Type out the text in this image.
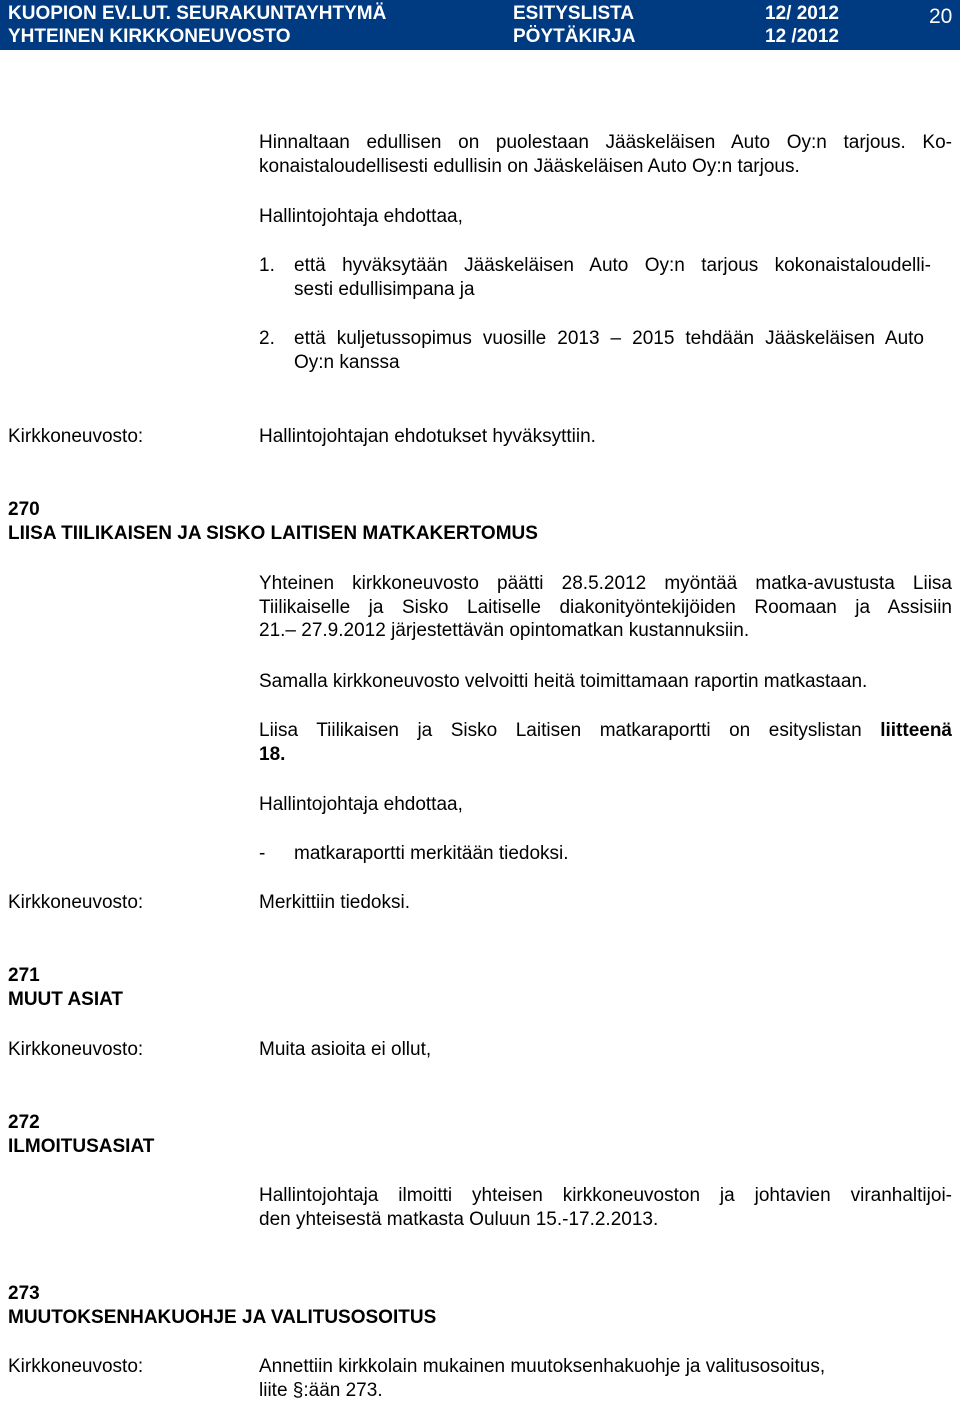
KUOPION EV.LUT. SEURAKUNTAYHTYMÄ
YHTEINEN KIRKKONEUVOSTO
ESITYSLISTA
PÖYTÄKIRJA
12/ 2012
12 /2012
20
Hinnaltaan edullisen on puolestaan Jääskeläisen Auto Oy:n tarjous. Ko-
konaistaloudellisesti edullisin on Jääskeläisen Auto Oy:n tarjous.
Hallintojohtaja ehdottaa,
1. että hyväksytään Jääskeläisen Auto Oy:n tarjous kokonaistaloudelli-
sesti edullisimpana ja
2. että kuljetussopimus vuosille 2013 – 2015 tehdään Jääskeläisen Auto
Oy:n kanssa
Kirkkoneuvosto:	Hallintojohtajan ehdotukset hyväksyttiin.
270
LIISA TIILIKAISEN JA SISKO LAITISEN MATKAKERTOMUS
Yhteinen kirkkoneuvosto päätti 28.5.2012 myöntää matka-avustusta Liisa
Tiilikaiselle ja Sisko Laitiselle diakonityöntekijöiden Roomaan ja Assisiin
21.– 27.9.2012 järjestettävän opintomatkan kustannuksiin.
Samalla kirkkoneuvosto velvoitti heitä toimittamaan raportin matkastaan.
Liisa Tiilikaisen ja Sisko Laitisen matkaraportti on esityslistan liitteenä
18.
Hallintojohtaja ehdottaa,
- matkaraportti merkitään tiedoksi.
Kirkkoneuvosto:	Merkittiin tiedoksi.
271
MUUT ASIAT
Kirkkoneuvosto:	Muita asioita ei ollut,
272
ILMOITUSASIAT
Hallintojohtaja ilmoitti yhteisen kirkkoneuvoston ja johtavien viranhaltijoi-
den yhteisestä matkasta Ouluun 15.-17.2.2013.
273
MUUTOKSENHAKUOHJE JA VALITUSOSOITUS
Kirkkoneuvosto:	Annettiin kirkkolain mukainen muutoksenhakuohje ja valitusosoitus,
liite §:ään 273.
